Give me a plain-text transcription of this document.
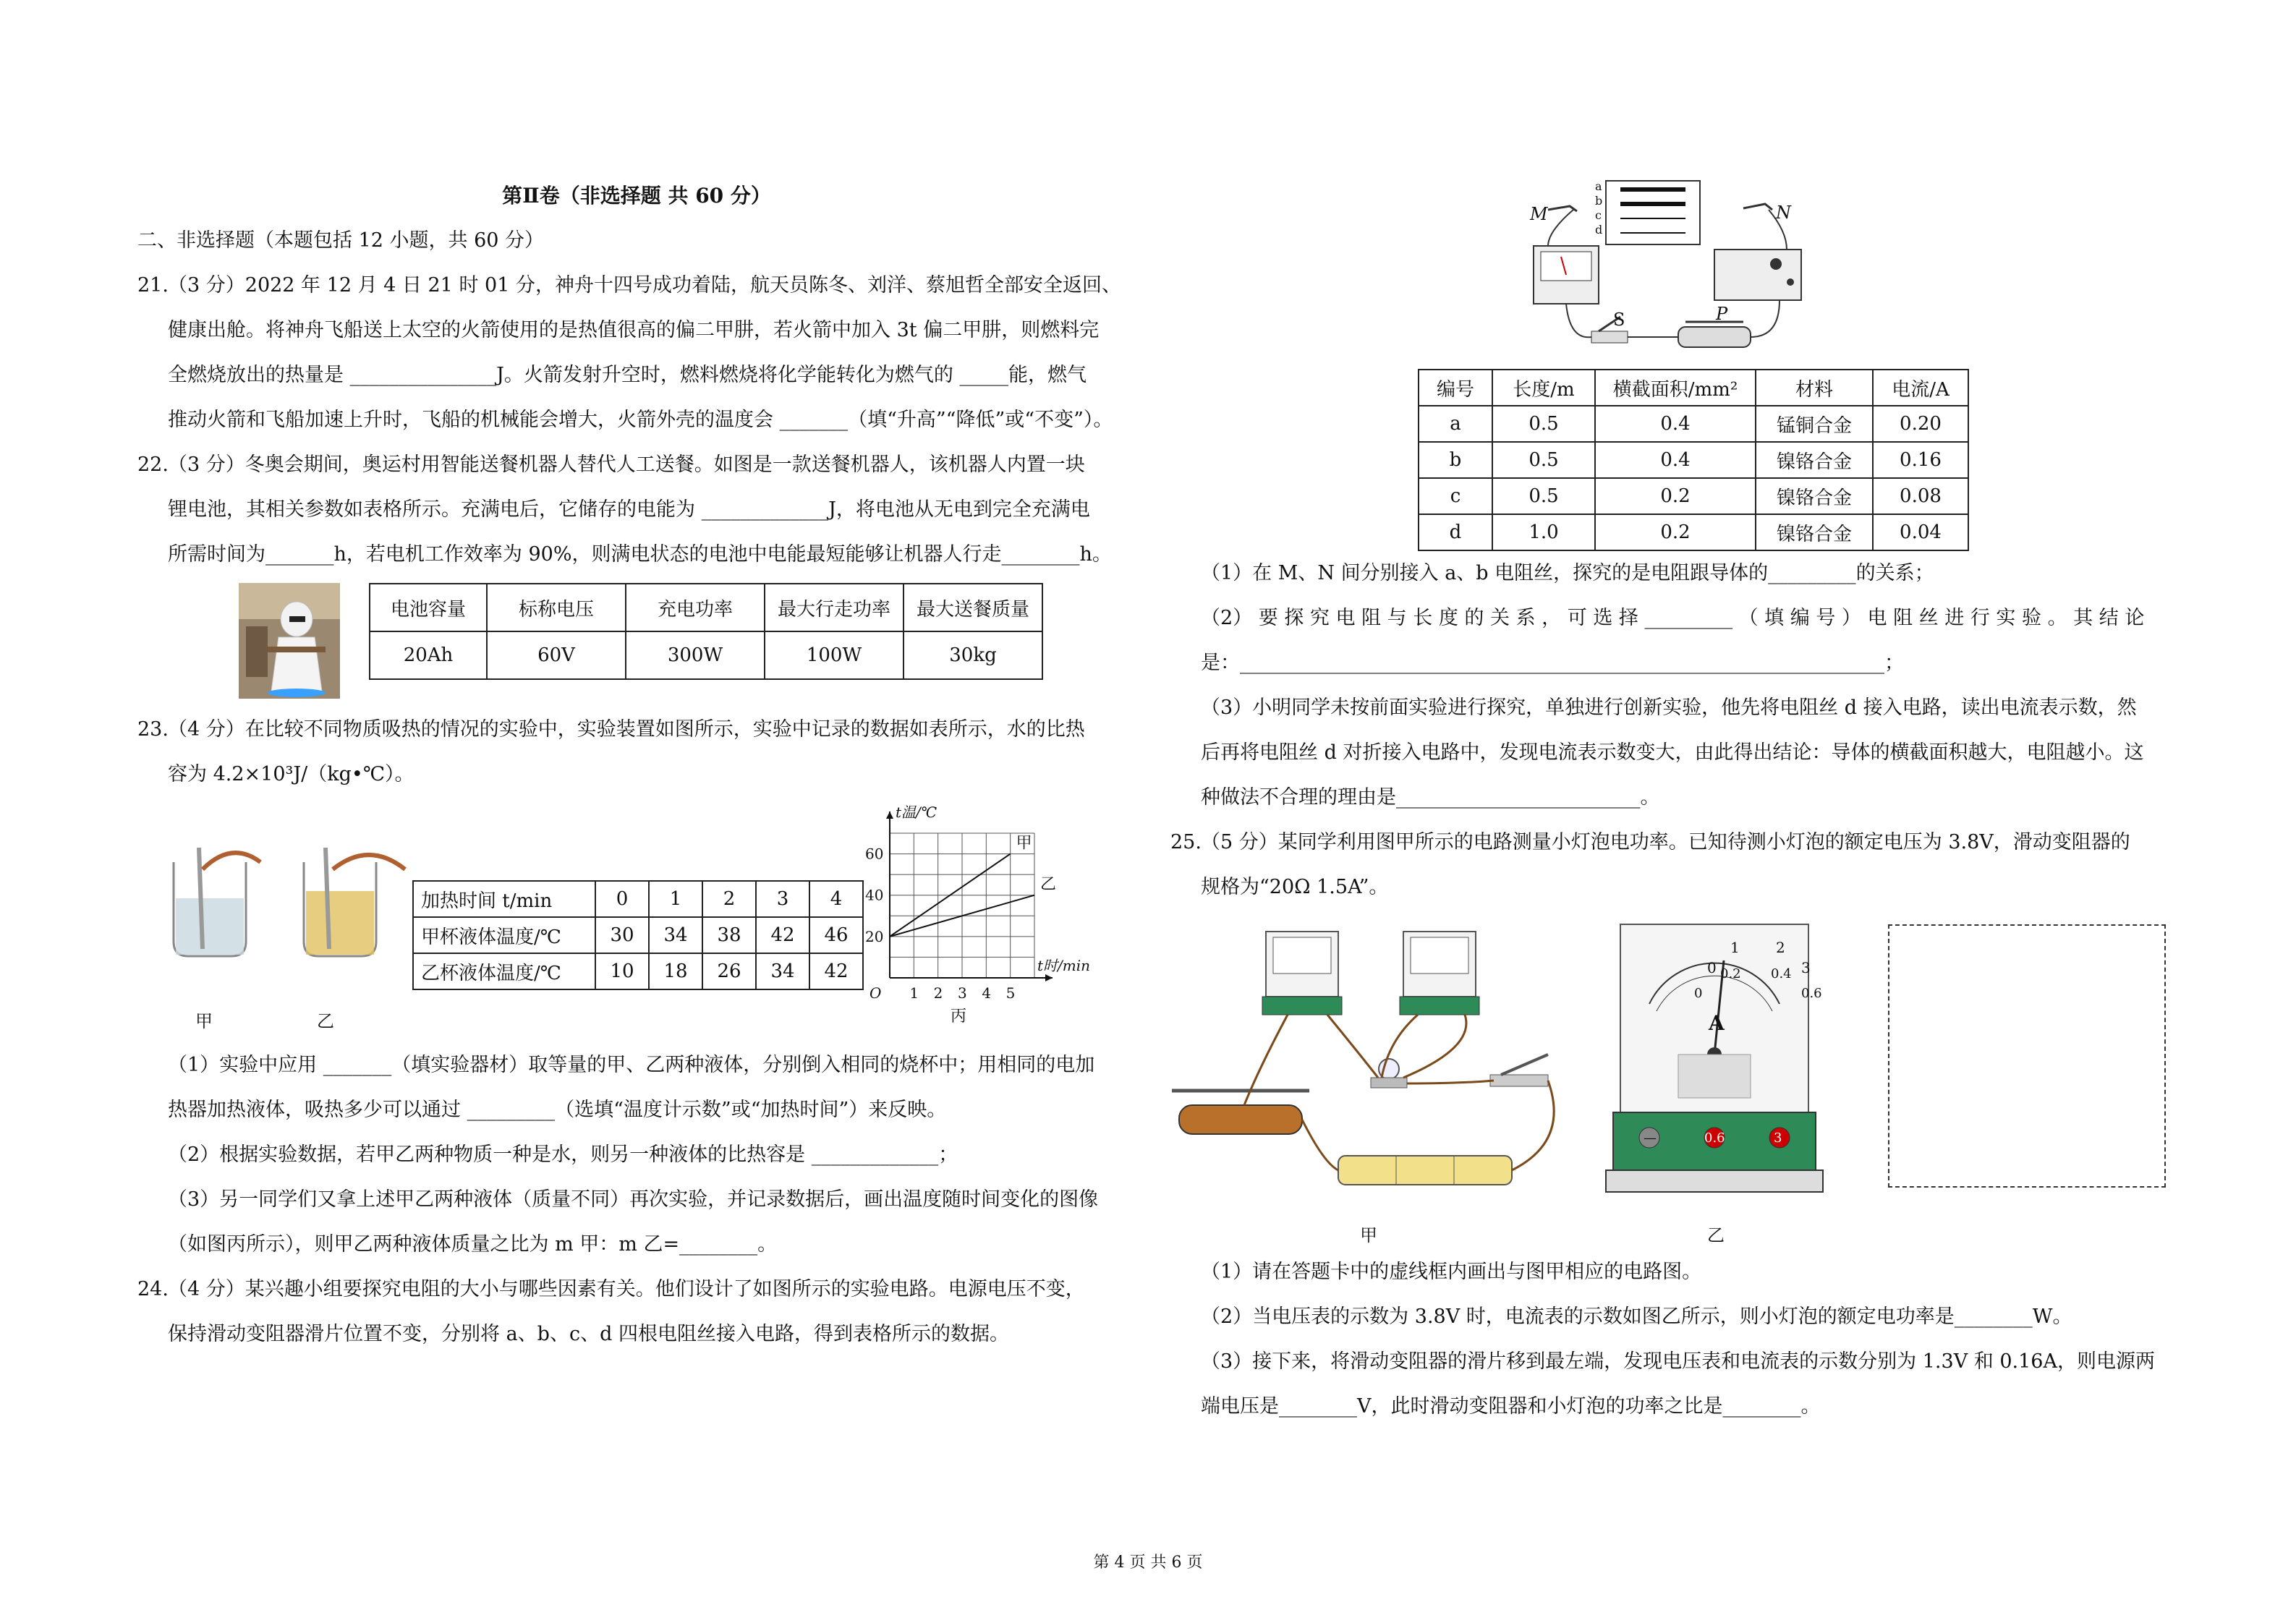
第Ⅱ卷（非选择题 共 60 分）
二、非选择题（本题包括 12 小题，共 60 分）
21.（3 分）2022 年 12 月 4 日 21 时 01 分，神舟十四号成功着陆，航天员陈冬、刘洋、蔡旭哲全部安全返回、
健康出舱。将神舟飞船送上太空的火箭使用的是热值很高的偏二甲肼，若火箭中加入 3t 偏二甲肼，则燃料完
全燃烧放出的热量是 _______________J。火箭发射升空时，燃料燃烧将化学能转化为燃气的 _____能，燃气
推动火箭和飞船加速上升时，飞船的机械能会增大，火箭外壳的温度会 _______（填“升高”“降低”或“不变”）。
22.（3 分）冬奥会期间，奥运村用智能送餐机器人替代人工送餐。如图是一款送餐机器人，该机器人内置一块
锂电池，其相关参数如表格所示。充满电后，它储存的电能为 _____________J，将电池从无电到完全充满电
所需时间为_______h，若电机工作效率为 90%，则满电状态的电池中电能最短能够让机器人行走________h。
电池容量	标称电压	充电功率	最大行走功率	最大送餐质量
20Ah	60V	300W	100W	30kg
23.（4 分）在比较不同物质吸热的情况的实验中，实验装置如图所示，实验中记录的数据如表所示，水的比热
容为 4.2×10³J/（kg•℃）。
甲	乙
加热时间 t/min	0	1	2	3	4
甲杯液体温度/℃	30	34	38	42	46
乙杯液体温度/℃	10	18	26	34	42
1 2 3 4 5
20
40
60
O
t温/℃
t时/min
甲
乙
丙
（1）实验中应用 _______（填实验器材）取等量的甲、乙两种液体，分别倒入相同的烧杯中；用相同的电加
热器加热液体，吸热多少可以通过 _________（选填“温度计示数”或“加热时间”）来反映。
（2）根据实验数据，若甲乙两种物质一种是水，则另一种液体的比热容是 _____________；
（3）另一同学们又拿上述甲乙两种液体（质量不同）再次实验，并记录数据后，画出温度随时间变化的图像
（如图丙所示），则甲乙两种液体质量之比为 m 甲：m 乙=________。
24.（4 分）某兴趣小组要探究电阻的大小与哪些因素有关。他们设计了如图所示的实验电路。电源电压不变，
保持滑动变阻器滑片位置不变，分别将 a、b、c、d 四根电阻丝接入电路，得到表格所示的数据。
M	N
S	P
a
b
c
d
编号	长度/m	横截面积/mm²	材料	电流/A
a	0.5	0.4	锰铜合金	0.20
b	0.5	0.4	镍铬合金	0.16
c	0.5	0.2	镍铬合金	0.08
d	1.0	0.2	镍铬合金	0.04
（1）在 M、N 间分别接入 a、b 电阻丝，探究的是电阻跟导体的_________的关系；
（2） 要 探 究 电 阻 与 长 度 的 关 系 ， 可 选 择 _________ （ 填 编 号 ） 电 阻 丝 进 行 实 验 。 其 结 论
是：__________________________________________________________________；
（3）小明同学未按前面实验进行探究，单独进行创新实验，他先将电阻丝 d 接入电路，读出电流表示数，然
后再将电阻丝 d 对折接入电路中，发现电流表示数变大，由此得出结论：导体的横截面积越大，电阻越小。这
种做法不合理的理由是_________________________。
25.（5 分）某同学利用图甲所示的电路测量小灯泡电功率。已知待测小灯泡的额定电压为 3.8V，滑动变阻器的
规格为“20Ω 1.5A”。
甲
0
1	2
3
0
0.2 0.4
0.6
A
—	0.6	3
乙
（1）请在答题卡中的虚线框内画出与图甲相应的电路图。
（2）当电压表的示数为 3.8V 时，电流表的示数如图乙所示，则小灯泡的额定电功率是________W。
（3）接下来，将滑动变阻器的滑片移到最左端，发现电压表和电流表的示数分别为 1.3V 和 0.16A，则电源两
端电压是________V，此时滑动变阻器和小灯泡的功率之比是________。
第 4 页 共 6 页
